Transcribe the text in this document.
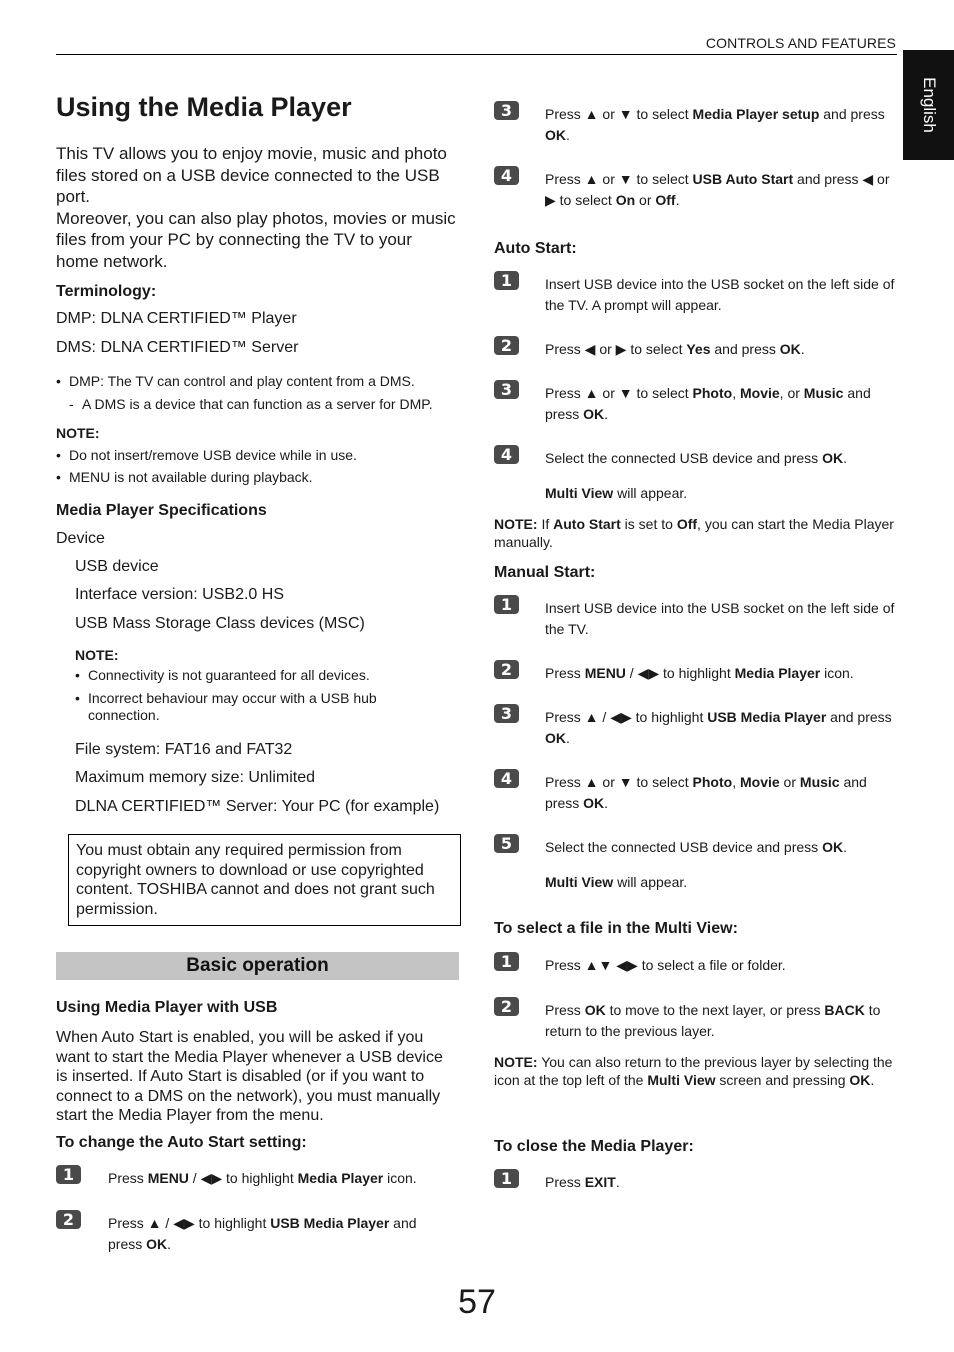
CONTROLS AND FEATURES
English
Using the Media Player

This TV allows you to enjoy movie, music and photo files stored on a USB device connected to the USB port.

Moreover, you can also play photos, movies or music files from your PC by connecting the TV to your home network.

Terminology:
DMP: DLNA CERTIFIED™ Player
DMS: DLNA CERTIFIED™ Server
• DMP: The TV can control and play content from a DMS.
- A DMS is a device that can function as a server for DMP.
NOTE:
• Do not insert/remove USB device while in use.
• MENU is not available during playback.
Media Player Specifications
Device
USB device
Interface version: USB2.0 HS
USB Mass Storage Class devices (MSC)
NOTE:
• Connectivity is not guaranteed for all devices.
• Incorrect behaviour may occur with a USB hub connection.
File system: FAT16 and FAT32
Maximum memory size: Unlimited
DLNA CERTIFIED™ Server: Your PC (for example)
You must obtain any required permission from copyright owners to download or use copyrighted content. TOSHIBA cannot and does not grant such permission.
Basic operation
Using Media Player with USB
When Auto Start is enabled, you will be asked if you want to start the Media Player whenever a USB device is inserted. If Auto Start is disabled (or if you want to connect to a DMS on the network), you must manually start the Media Player from the menu.
To change the Auto Start setting:
1	Press MENU / ◀▶ to highlight Media Player icon.
2	Press ▲ / ◀▶ to highlight USB Media Player and press OK.
3	Press ▲ or ▼ to select Media Player setup and press OK.
4	Press ▲ or ▼ to select USB Auto Start and press ◀ or ▶ to select On or Off.
Auto Start:
1	Insert USB device into the USB socket on the left side of the TV. A prompt will appear.
2	Press ◀ or ▶ to select Yes and press OK.
3	Press ▲ or ▼ to select Photo, Movie, or Music and press OK.
4	Select the connected USB device and press OK.
Multi View will appear.
NOTE: If Auto Start is set to Off, you can start the Media Player manually.
Manual Start:
1	Insert USB device into the USB socket on the left side of the TV.
2	Press MENU / ◀▶ to highlight Media Player icon.
3	Press ▲ / ◀▶ to highlight USB Media Player and press OK.
4	Press ▲ or ▼ to select Photo, Movie or Music and press OK.
5	Select the connected USB device and press OK.
Multi View will appear.
To select a file in the Multi View:
1	Press ▲▼ ◀▶ to select a file or folder.
2	Press OK to move to the next layer, or press BACK to return to the previous layer.
NOTE: You can also return to the previous layer by selecting the icon at the top left of the Multi View screen and pressing OK.
To close the Media Player:
1	Press EXIT.
57
